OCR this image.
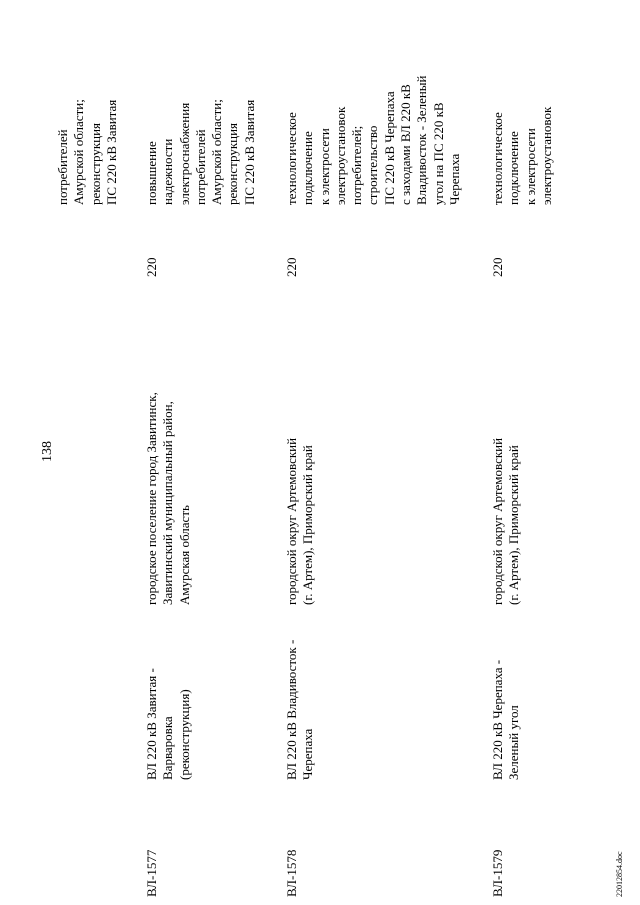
138
потребителей Амурской области; реконструкция ПС 220 кВ Завитая
ВЛ-1577
ВЛ 220 кВ Завитая - Варваровка (реконструкция)
городское поселение город Завитинск, Завитинский муниципальный район, Амурская область
220
повышение надежности электроснабжения потребителей Амурской области; реконструкция ПС 220 кВ Завитая
ВЛ-1578
ВЛ 220 кВ Владивосток - Черепаха
городской округ Артемовский (г. Артем), Приморский край
220
технологическое подключение к электросети электроустановок потребителей; строительство ПС 220 кВ Черепаха с заходами ВЛ 220 кВ Владивосток - Зеленый угол на ПС 220 кВ Черепаха
ВЛ-1579
ВЛ 220 кВ Черепаха - Зеленый угол
городской округ Артемовский (г. Артем), Приморский край
220
технологическое подключение к электросети электроустановок
22012854.doc
